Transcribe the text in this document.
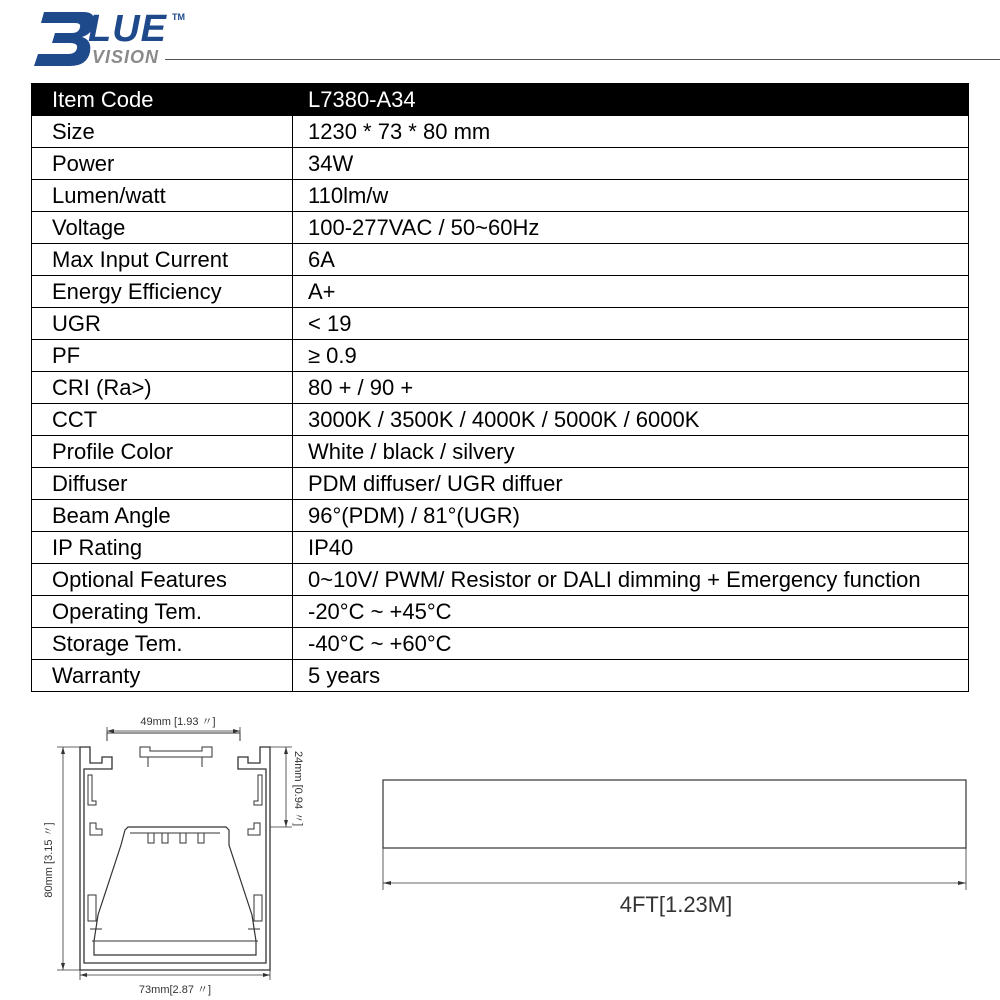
LUE TM
VISION
Item Code	L7380-A34
Size	1230 * 73 * 80 mm
Power	34W
Lumen/watt	110lm/w
Voltage	100-277VAC / 50~60Hz
Max Input Current	6A
Energy Efficiency	A+
UGR	< 19
PF	≥ 0.9
CRI (Ra>)	80 + / 90 +
CCT	3000K / 3500K / 4000K / 5000K / 6000K
Profile Color	White / black / silvery
Diffuser	PDM diffuser/ UGR diffuer
Beam Angle	96°(PDM) / 81°(UGR)
IP Rating	IP40
Optional Features	0~10V/ PWM/ Resistor or DALI dimming + Emergency function
Operating Tem.	-20°C ~ +45°C
Storage Tem.	-40°C ~ +60°C
Warranty	5 years
49mm [1.93 〃]
24mm [0.94 〃]
80mm [3.15 〃]
73mm[2.87 〃]
4FT[1.23M]
